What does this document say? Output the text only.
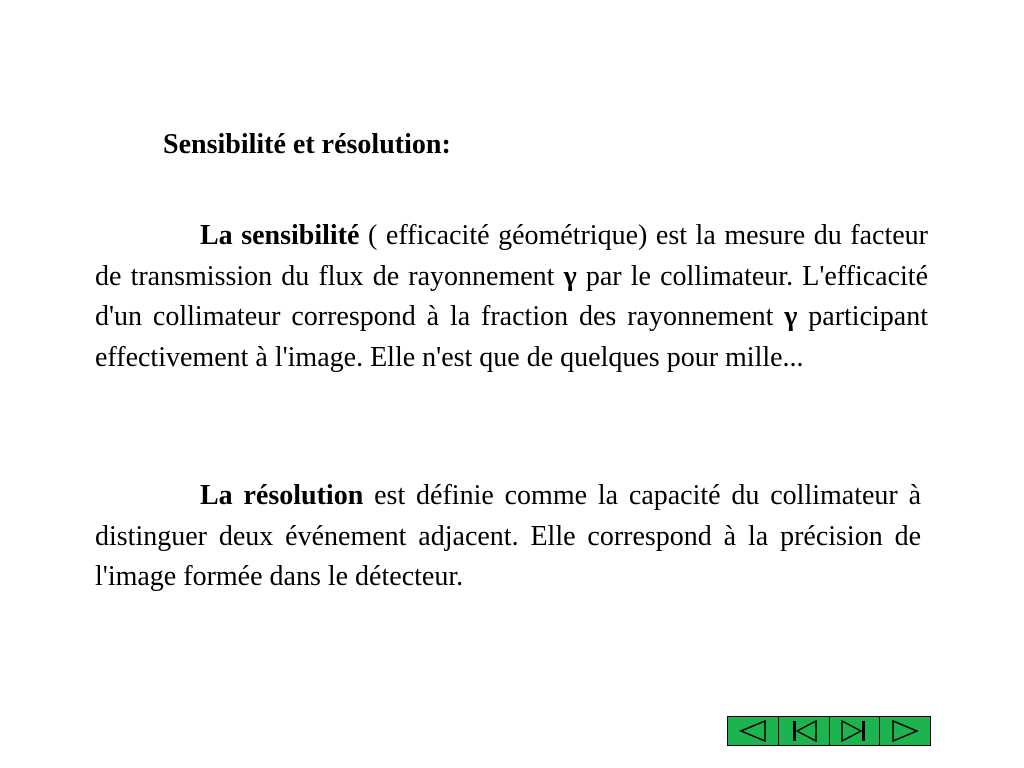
Sensibilité et résolution:

La sensibilité ( efficacité géométrique) est la mesure du facteur de transmission du flux de rayonnement γ par le collimateur. L'efficacité d'un collimateur correspond à la fraction des rayonnement γ participant effectivement à l'image. Elle n'est que de quelques pour mille...

La résolution est définie comme la capacité du collimateur à distinguer deux événement adjacent. Elle correspond à la précision de l'image formée dans le détecteur.
